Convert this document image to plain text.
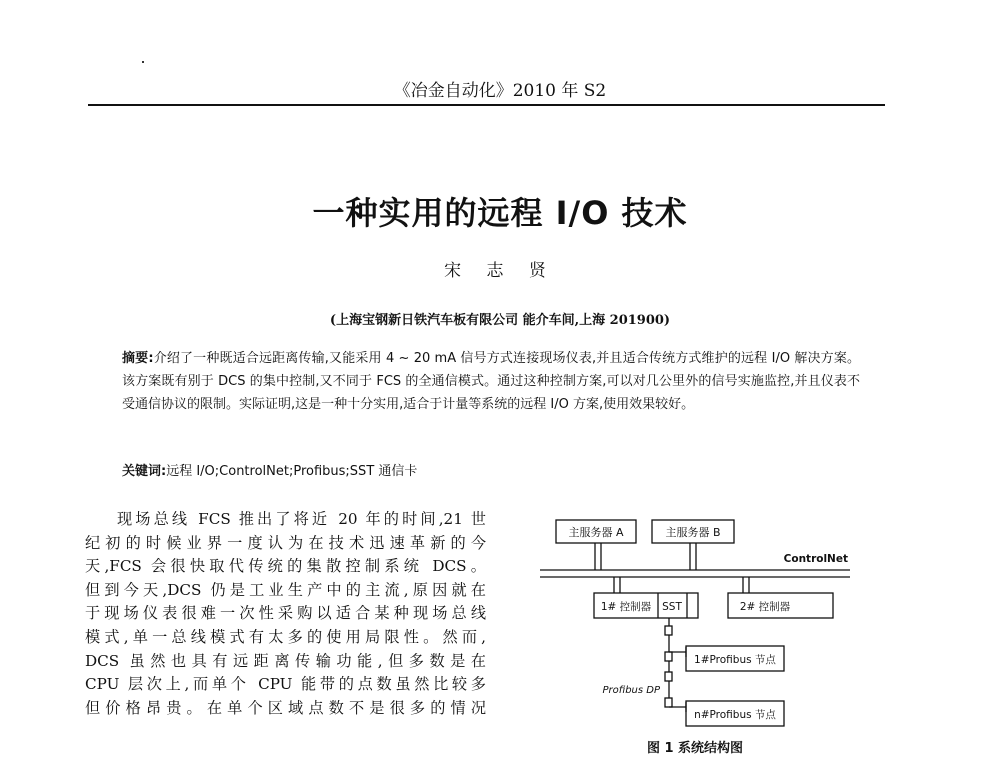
《冶金自动化》2010 年 S2
一种实用的远程 I/O 技术
宋 志 贤
(上海宝钢新日铁汽车板有限公司 能介车间,上海 201900)
摘要:介绍了一种既适合远距离传输,又能采用 4 ~ 20 mA 信号方式连接现场仪表,并且适合传统方式维护的远程 I/O 解决方案。该方案既有别于 DCS 的集中控制,又不同于 FCS 的全通信模式。通过这种控制方案,可以对几公里外的信号实施监控,并且仪表不受通信协议的限制。实际证明,这是一种十分实用,适合于计量等系统的远程 I/O 方案,使用效果较好。
关键词:远程 I/O;ControlNet;Profibus;SST 通信卡
现场总线 FCS 推出了将近 20 年的时间,21 世
纪初的时候业界一度认为在技术迅速革新的今
天,FCS 会很快取代传统的集散控制系统 DCS。
但到今天,DCS 仍是工业生产中的主流,原因就在
于现场仪表很难一次性采购以适合某种现场总线
模式,单一总线模式有太多的使用局限性。然而,
DCS 虽然也具有远距离传输功能,但多数是在
CPU 层次上,而单个 CPU 能带的点数虽然比较多
但价格昂贵。在单个区域点数不是很多的情况
主服务器 A	主服务器 B
ControlNet
1# 控制器 SST	2# 控制器
Profibus DP
1#Profibus 节点
n#Profibus 节点
图 1 系统结构图
